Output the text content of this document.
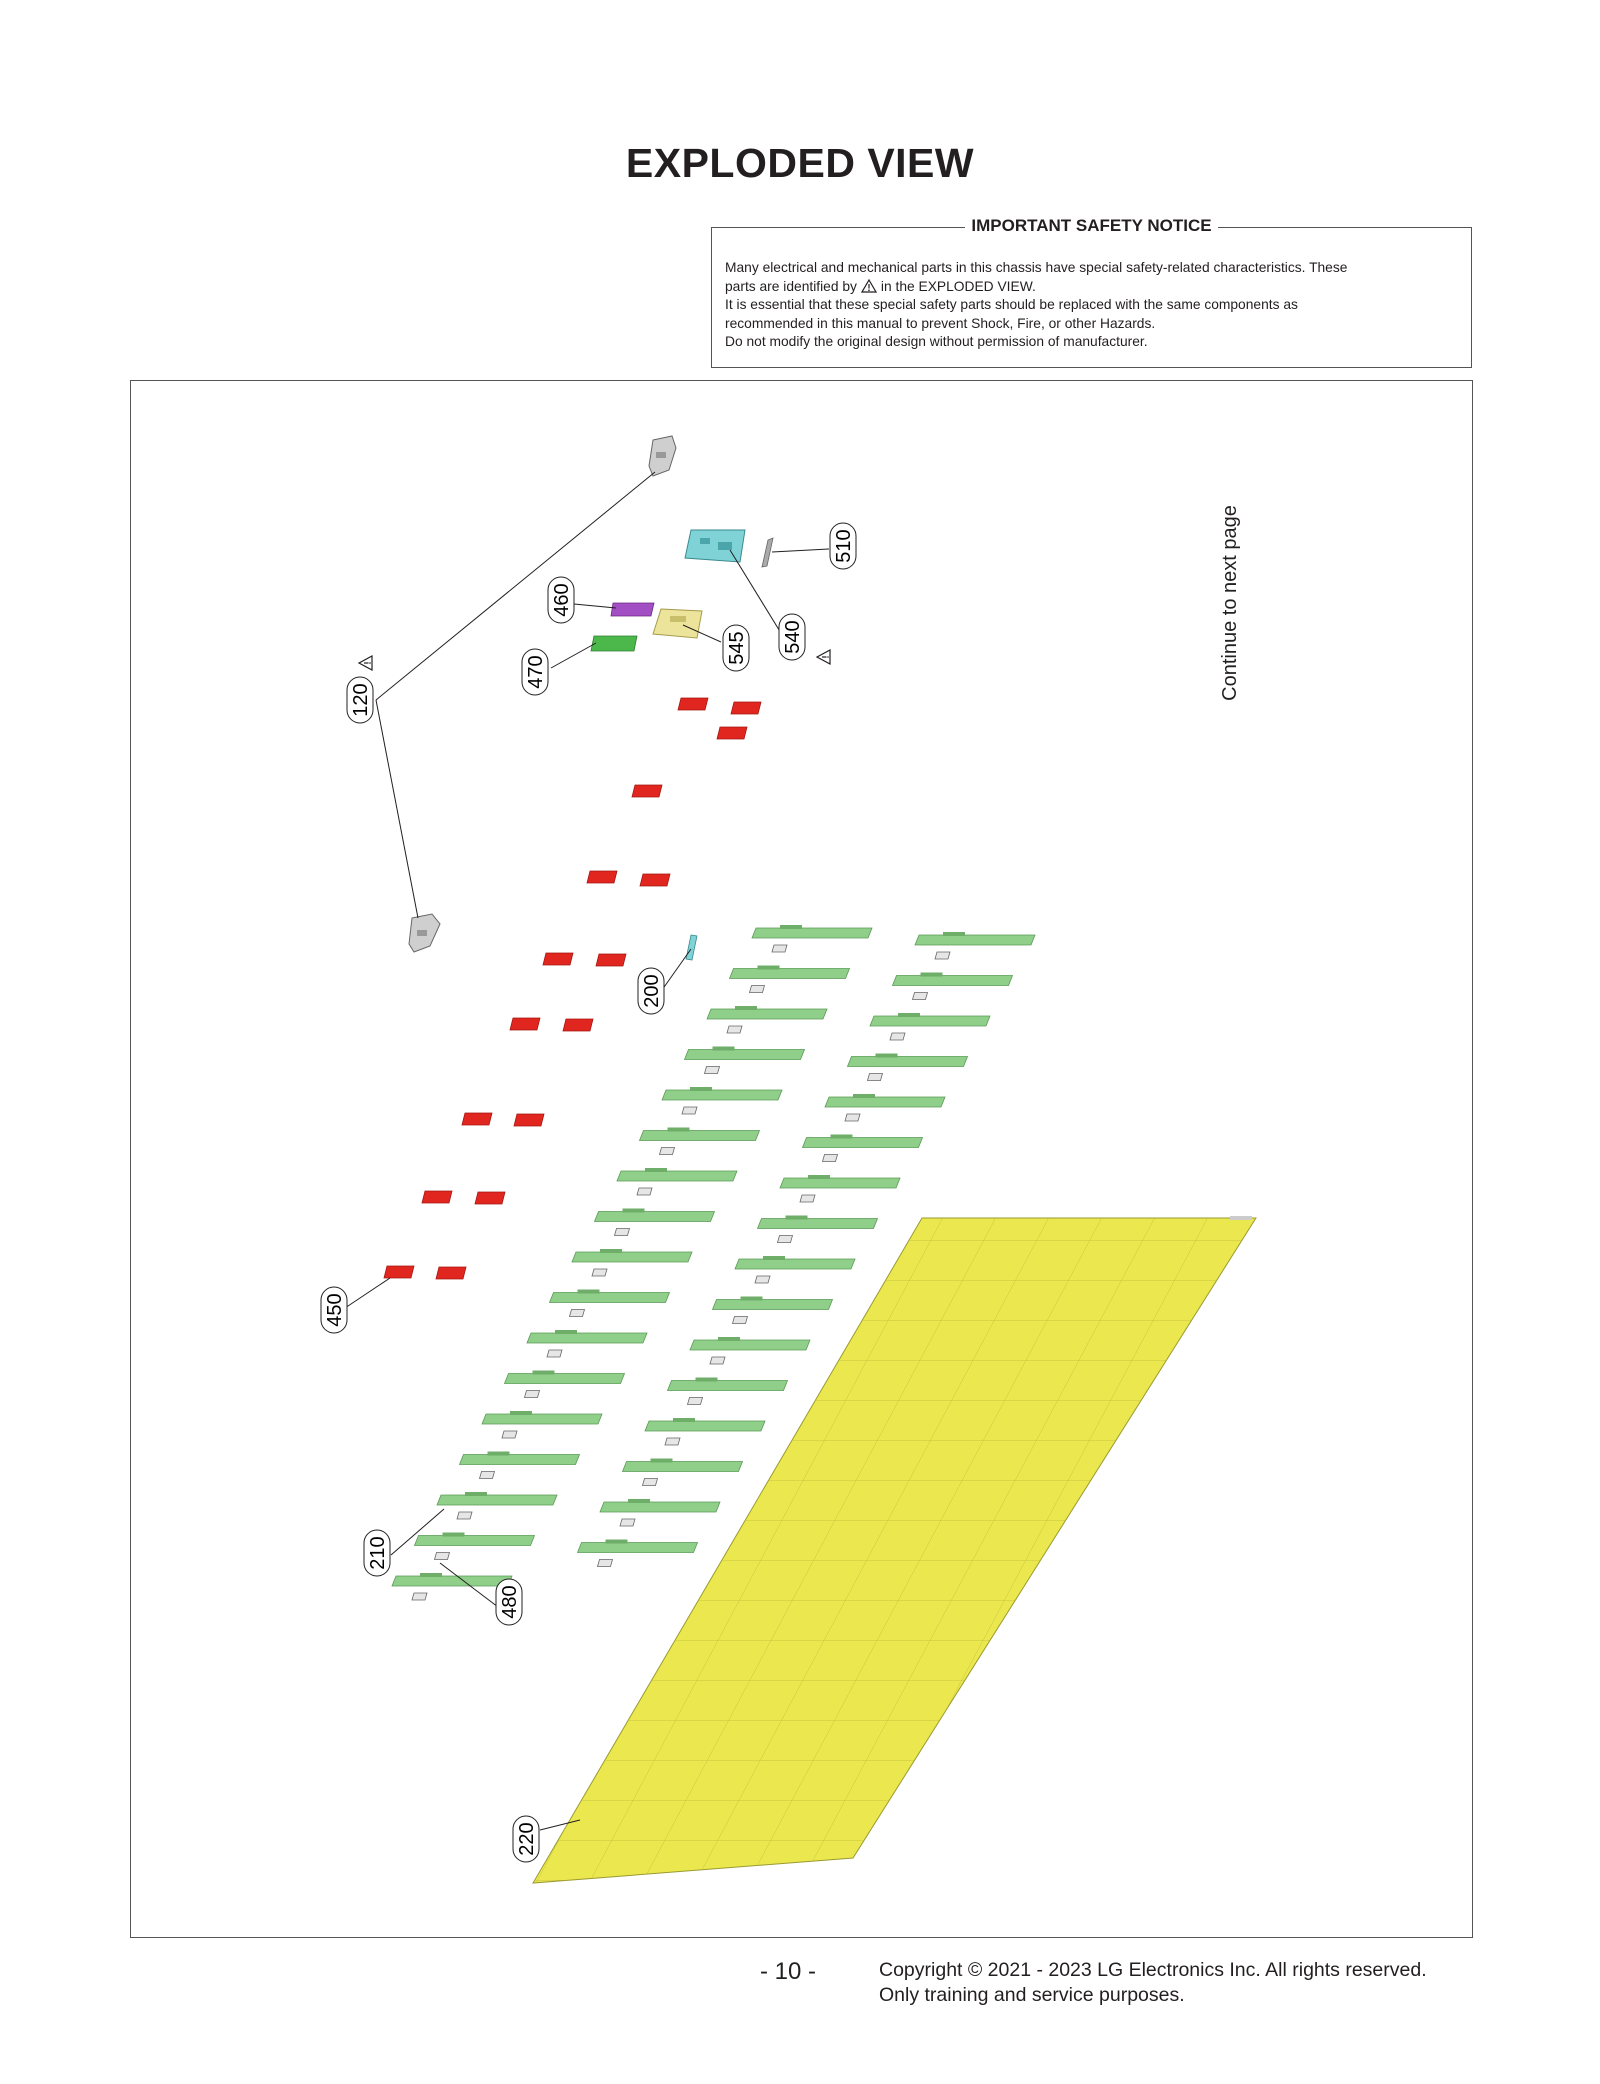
EXPLODED VIEW
IMPORTANT SAFETY NOTICE

Many electrical and mechanical parts in this chassis have special safety-related characteristics. These

parts are identified by in the EXPLODED VIEW.

It is essential that these special safety parts should be replaced with the same components as

recommended in this manual to prevent Shock, Fire, or other Hazards.

Do not modify the original design without permission of manufacturer.

120
460
470
545 540
510
200
450
210
480
220
Continue to next page
- 10 -	Copyright © 2021 - 2023 LG Electronics Inc. All rights reserved.
Only training and service purposes.
